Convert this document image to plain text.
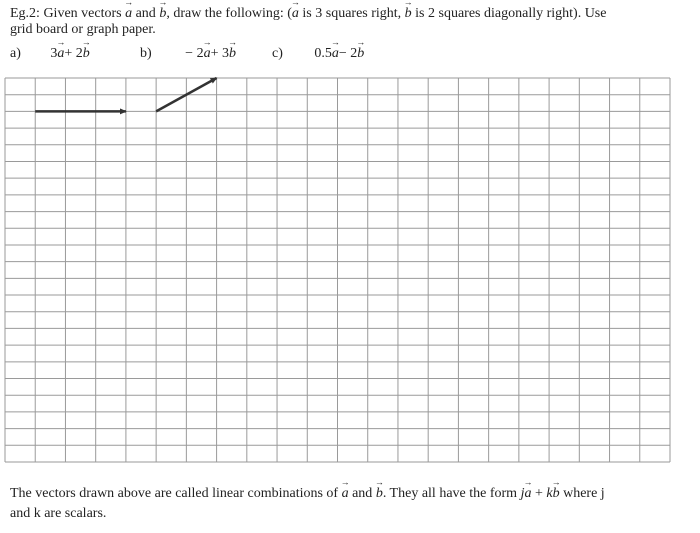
Eg.2: Given vectors → a and → b, draw the following: (→ a is 3 squares right, → b is 2 squares diagonally right). Use
grid board or graph paper.
a) 3→ a+ 2→ b	b) − 2→ a+ 3→ b	c) 0.5→ a− 2→ b
The vectors drawn above are called linear combinations of → a and → b. They all have the form j→ a + k→ b where j
and k are scalars.
